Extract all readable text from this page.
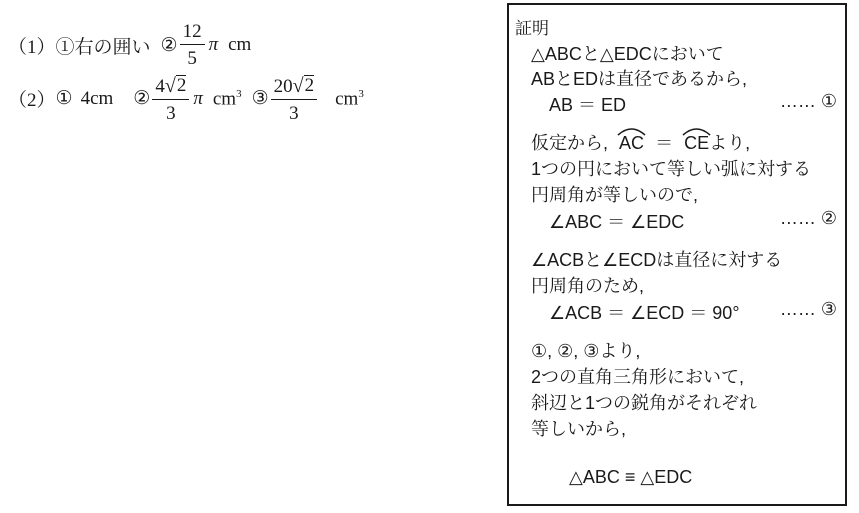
（1） ①右の囲い ② $\frac{12}{5}$ π cm
（2） ① 4cm ② $\frac{4 √ 2}{3}$ π $cm^3$ ③ $\frac{20 √ 2}{3} cm^3$
証明
△ABCと△EDCにおいて
ABとEDは直径であるから,
AB ＝ ED	…… ①
仮定から, AC ＝ CEより,
1つの円において等しい弧に対する
円周角が等しいので,
∠ABC ＝ ∠EDC	…… ②
∠ACBと∠ECDは直径に対する
円周角のため,
∠ACB ＝ ∠ECD ＝ 90° …… ③
①, ②, ③より,
2つの直角三角形において,
斜辺と1つの鋭角がそれぞれ
等しいから,
△ABC ≡ △EDC
